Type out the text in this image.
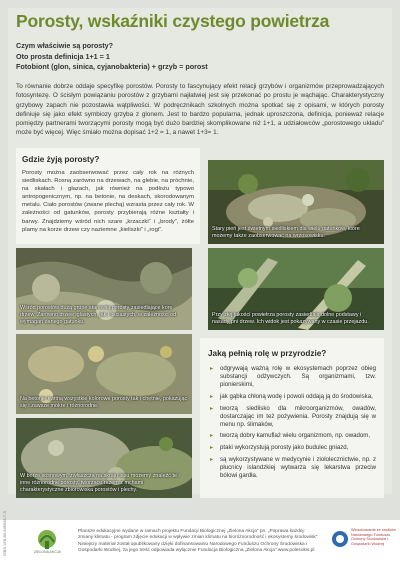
Porosty, wskaźniki czystego powietrza
Czym właściwie są porosty?
Oto prosta definicja 1+1 = 1
Fotobiont (glon, sinica, cyjanobakteria) + grzyb = porost
To równanie dobrze oddaje specyfikę porostów. Porosty to fascynujący efekt relacji grzybów i organizmów przeprowadzających fotosyntezę. O ścisłym powiązaniu porostów z grzybami najłatwiej jest się przekonać po prostu je wąchając. Charakterystyczny grzybowy zapach nie pozostawia wątpliwości. W podręcznikach szkolnych można spotkać się z opisami, w których porosty definiuje się jako efekt symbiozy grzyba z glonem. Jest to bardzo popularna, jednak uproszczona, definicja, ponieważ relacje pomiędzy partnerami tworzącymi porosty mogą być dużo bardziej skomplikowane niż 1+1, a udziałowców „porostowego układu” może być więcej. Więc śmiało można dopisać 1+2 = 1, a nawet 1+3= 1.
Gdzie żyją porosty?
Porosty można zaobserwować przez cały rok na różnych siedliskach. Rosną zarówno na drzewach, na glebie, na próchnie, na skałach i głazach, jak również na podłożu typowo antropogenicznym, np. na betonie, na deskach, skorodowanym metalu. Ciało porostów (zwane plechą) wzrasta przez cały rok. W zależności od gatunków, porosty przybierają różne kształty i barwy. Znajdziemy wśród nich szare „krzaczki” i „brody”, żółte plamy na korze drzew czy naziemne „kieliszki” i „rogi”.
Jaką pełnią rolę w przyrodzie?
▸ odgrywają ważną rolę w ekosystemach poprzez obieg substancji odżywczych. Są organizmami, tzw. pionierskimi,
▸ jak gąbka chłoną wodę i powoli oddają ją do środowiska,
▸ tworzą siedlisko dla mikroorganizmów, owadów, dostarczając im też pożywienia. Porosty znajdują się w menu np. ślimaków,
▸ tworzą dobry kamuflaż wielu organizmom, np. owadom,
▸ ptaki wykorzystują porosty jako budulec gniazd,
▸ są wykorzystywane w medycynie i ziołolecznictwie, np. z płucnicy islandzkiej wytwarza się lekarstwa przeciw bólowi gardła.
Stary pień jest świetnym siedliskiem dla wielu gatunków, które możemy także zaobserwować na wrzosowisku.
Wśród porostów dużą grupę stanowią porosty zasiedlające korę drzew. Zarówno drzew iglastych, jak i liściastych, w zależności od wymagań danego gatunku.
Przy złej jakości powietrza porosty zasiedlają dolne podstawy i nasady pni drzew. Ich widok jest pokazywany w czasie przejazdu.
Na betonie kwitną wszystkie kolorowe porosty tak i chętnie, pokazując się i zawsze mokre i różnorodne.
W borze sosnowym, zwłaszcza na skraju lasu możemy znaleźć te i inne różnorodne porosty, tworzące razem z mchami charakterystyczne zbiorowiska porostów i plechy.
ZIELONA AKCJA
Plansze edukacyjne wydane w ramach projektu Fundacji Biologicznej „Zielona Akcja” pn. „Poprawa każdej: zmiany klimatu - program zdjęcie edukacji w wpływie zmian klimatu na bioróżnorodność i ekosystemy środowisk” Niniejszy materiał został opublikowany dzięki dofinansowaniu Narodowego Funduszu Ochrony Środowiska i Gospodarki Wodnej, za jego treść odpowiada wyłącznie Fundacja Biologiczna „Zielona Akcja” www.polesokis.pl
Wlosobowanie ze środków Narodowego Funduszu Ochrony Środowiska i Gospodarki Wodnej
ISBN 978-83-949528-7-3
